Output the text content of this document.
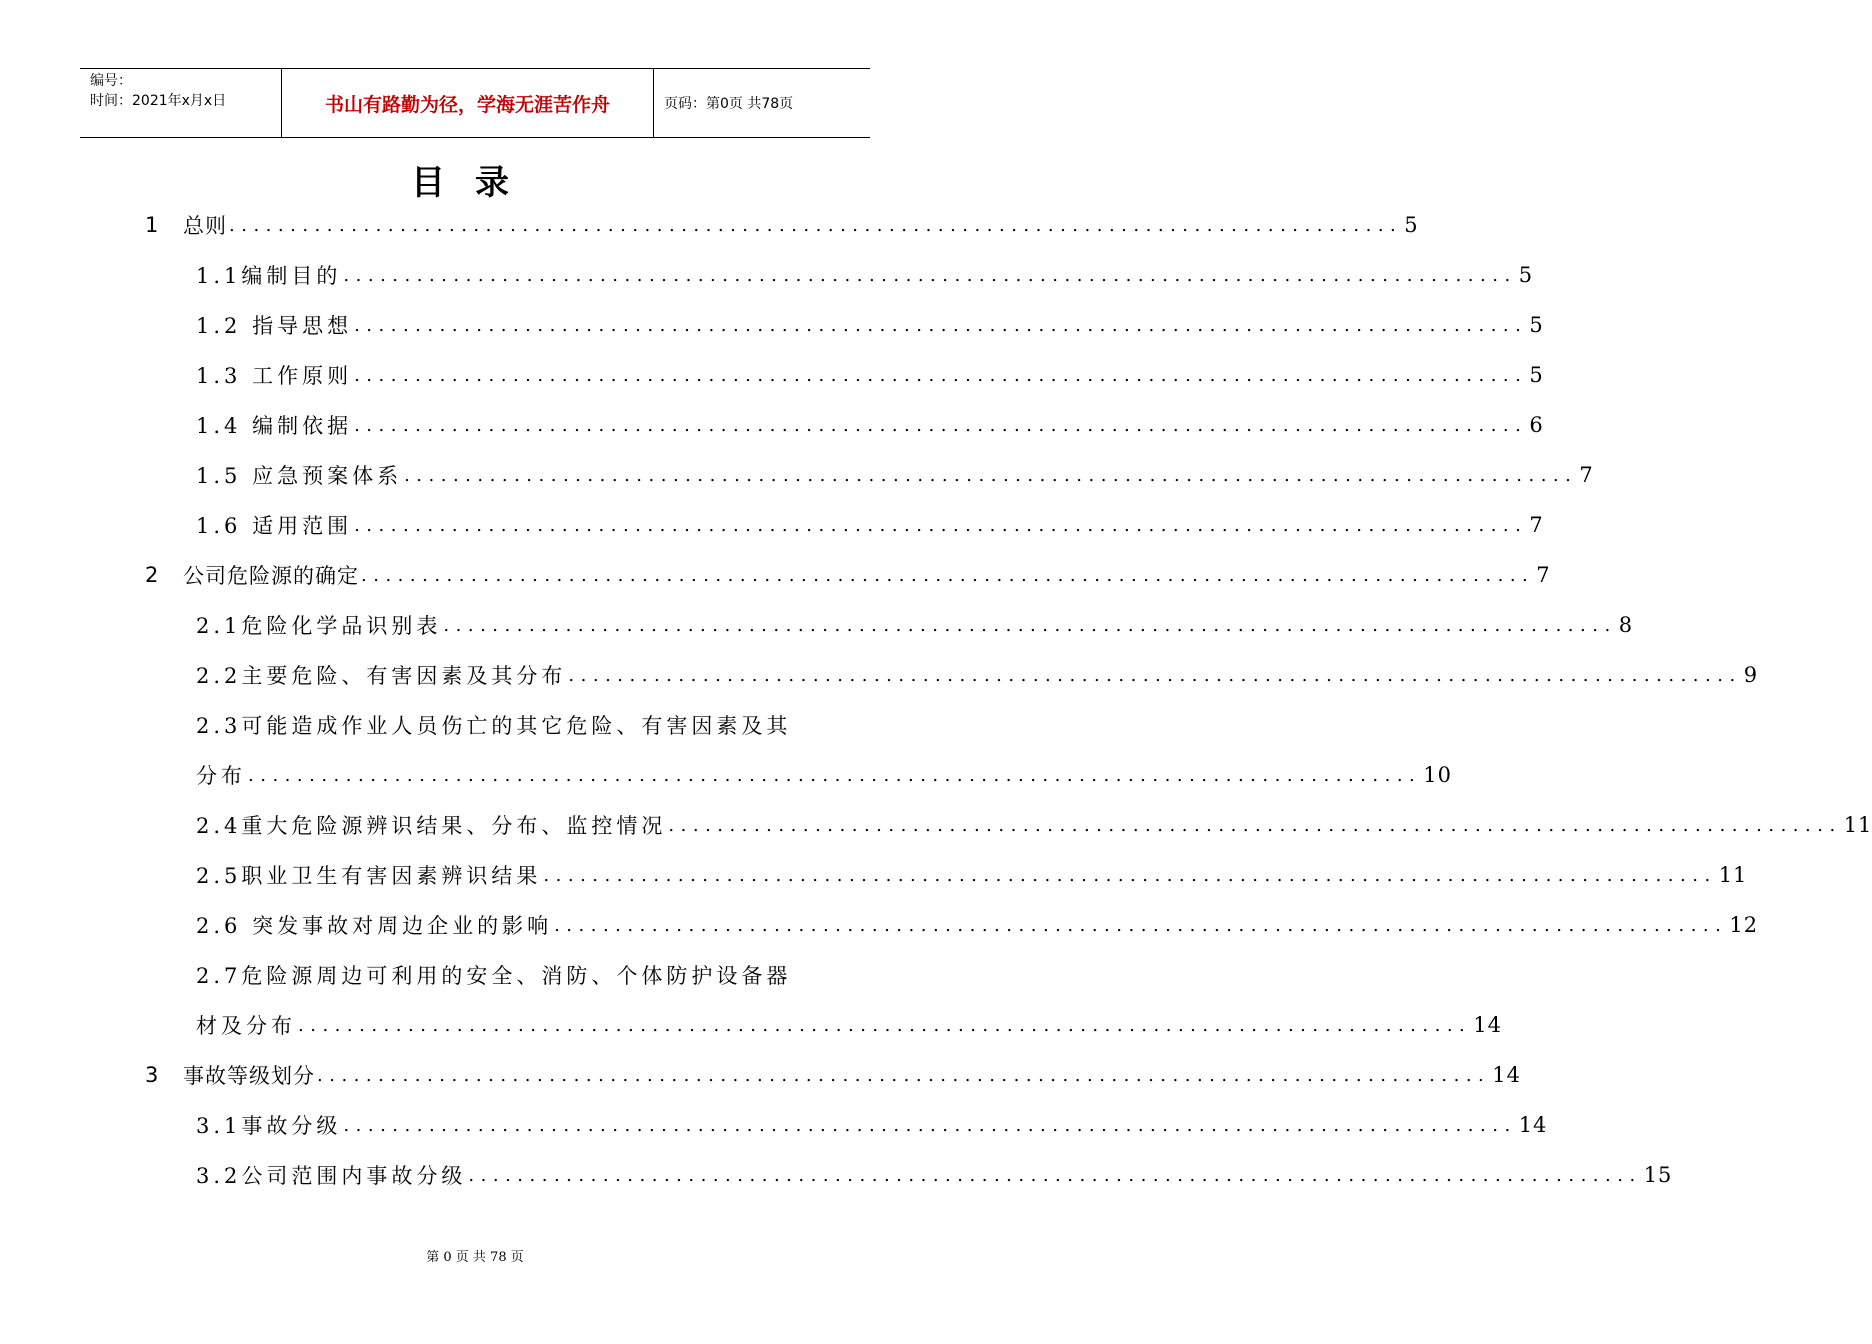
编号：
时间：2021年x月x日	书山有路勤为径，学海无涯苦作舟	页码：第0页 共78页
目录
1 总则 ................................................................................................ 5
1.1编制目的 ................................................................................................ 5
1.2 指导思想 ................................................................................................ 5
1.3 工作原则 ................................................................................................ 5
1.4 编制依据 ................................................................................................ 6
1.5 应急预案体系 ................................................................................................ 7
1.6 适用范围 ................................................................................................ 7
2 公司危险源的确定 ................................................................................................ 7
2.1危险化学品识别表 ................................................................................................ 8
2.2主要危险、有害因素及其分布 ................................................................................................ 9
2.3可能造成作业人员伤亡的其它危险、有害因素及其
分布 ................................................................................................ 10
2.4重大危险源辨识结果、分布、监控情况 ................................................................................................ 11
2.5职业卫生有害因素辨识结果 ................................................................................................ 11
2.6 突发事故对周边企业的影响 ................................................................................................ 12
2.7危险源周边可利用的安全、消防、个体防护设备器
材及分布 ................................................................................................ 14
3 事故等级划分 ................................................................................................ 14
3.1事故分级 ................................................................................................ 14
3.2公司范围内事故分级 ................................................................................................ 15
第 0 页 共 78 页
